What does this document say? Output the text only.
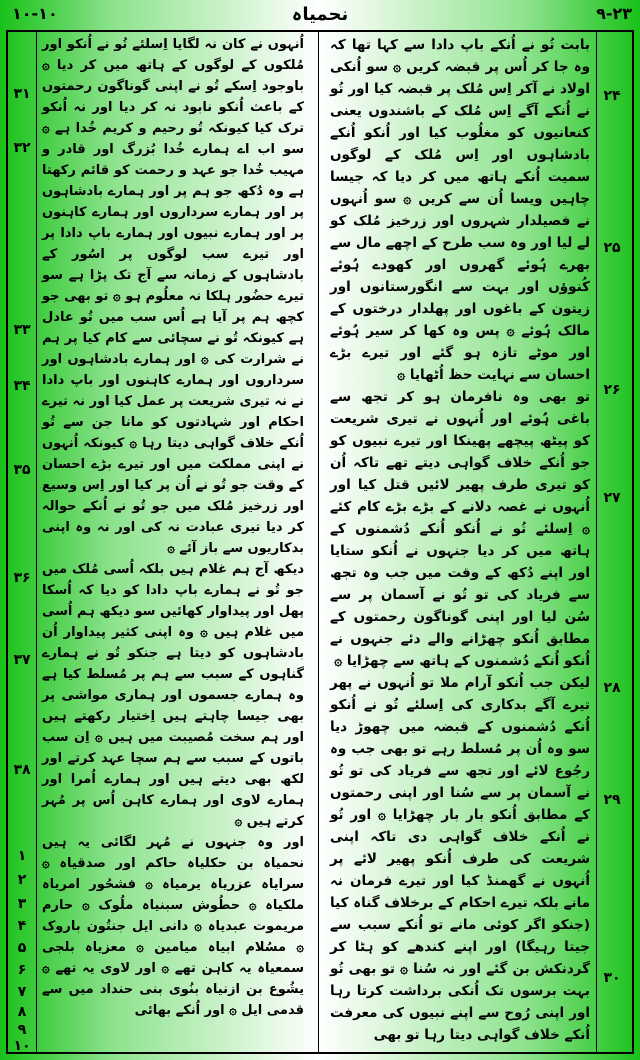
۹-۲۳
نحمیاہ
۱۰-۱۰

بابت تُو نے اُنکے باپ دادا سے کہا تھا کہ وہ جا کر اُس پر قبضہ کریں ۞ سو اُنکی اولاد نے آکر اِس مُلک پر قبضہ کیا اور تُو نے اُنکے آگے اِس مُلک کے باشندوں یعنی کنعانیوں کو مغلُوب کیا اور اُنکو اُنکے بادشاہوں اور اِس مُلک کے لوگوں سمیت اُنکے ہاتھ میں کر دیا کہ جیسا چاہیں ویسا اُن سے کریں ۞ سو اُنہوں نے فصیلدار شہروں اور زرخیز مُلک کو لے لیا اور وہ سب طرح کے اچھے مال سے بھرے ہُوئے گھروں اور کھودے ہُوئے کُنوؤں اور بہت سے انگورستانوں اور زیتون کے باغوں اور پھلدار درختوں کے مالک ہُوئے ۞ پس وہ کھا کر سیر ہُوئے اور موٹے تازہ ہو گئے اور تیرے بڑے احسان سے نہایت حظ اُٹھایا ۞

تو بھی وہ نافرمان ہو کر تجھ سے باغی ہُوئے اور اُنہوں نے تیری شریعت کو پیٹھ پیچھے پھینکا اور تیرے نبیوں کو جو اُنکے خلاف گواہی دیتے تھے تاکہ اُن کو تیری طرف پھیر لائیں قتل کیا اور اُنہوں نے غصہ دلانے کے بڑے بڑے کام کئے ۞ اِسلئے تُو نے اُنکو اُنکے دُشمنوں کے ہاتھ میں کر دیا جنہوں نے اُنکو ستایا اور اپنے دُکھ کے وقت میں جب وہ تجھ سے فریاد کی تو تُو نے آسمان پر سے سُن لیا اور اپنی گوناگون رحمتوں کے مطابق اُنکو چھڑانے والے دئے جنہوں نے اُنکو اُنکے دُشمنوں کے ہاتھ سے چھڑایا ۞

لیکن جب اُنکو آرام ملا تو اُنہوں نے پھر تیرے آگے بدکاری کی اِسلئے تُو نے اُنکو اُنکے دُشمنوں کے قبضہ میں چھوڑ دیا سو وہ اُن پر مُسلط رہے تو بھی جب وہ رجُوع لائے اور تجھ سے فریاد کی تو تُو نے آسمان پر سے سُنا اور اپنی رحمتوں کے مطابق اُنکو بار بار چھڑایا ۞ اور تُو نے اُنکے خلاف گواہی دی تاکہ اپنی شریعت کی طرف اُنکو پھیر لائے پر اُنہوں نے گھمنڈ کیا اور تیرے فرمان نہ مانے بلکہ تیرے احکام کے برخلاف گناہ کیا (جنکو اگر کوئی مانے تو اُنکے سبب سے جیتا رہیگا) اور اپنے کندھے کو ہٹا کر گردنکش بن گئے اور نہ سُنا ۞ تو بھی تُو بہت برسوں تک اُنکی برداشت کرتا رہا اور اپنی رُوح سے اپنے نبیوں کی معرفت اُنکے خلاف گواہی دیتا رہا تو بھی

۲۴
۲۵
۲۶
۲۷
۲۸
۲۹
۳۰

اُنہوں نے کان نہ لگایا اِسلئے تُو نے اُنکو اور مُلکوں کے لوگوں کے ہاتھ میں کر دیا ۞ باوجود اِسکے تُو نے اپنی گوناگون رحمتوں کے باعث اُنکو نابود نہ کر دیا اور نہ اُنکو ترک کیا کیونکہ تُو رحیم و کریم خُدا ہے ۞ سو اب اے ہمارے خُدا بُزرگ اور قادر و مہیب خُدا جو عہد و رحمت کو قائم رکھتا ہے وہ دُکھ جو ہم پر اور ہمارے بادشاہوں پر اور ہمارے سرداروں اور ہمارے کاہنوں پر اور ہمارے نبیوں اور ہمارے باپ دادا پر اور تیرے سب لوگوں پر اسُور کے بادشاہوں کے زمانہ سے آج تک پڑا ہے سو تیرے حضُور ہلکا نہ معلُوم ہو ۞ تو بھی جو کچھ ہم پر آیا ہے اُس سب میں تُو عادل ہے کیونکہ تُو نے سچائی سے کام کیا پر ہم نے شرارت کی ۞ اور ہمارے بادشاہوں اور سرداروں اور ہمارے کاہنوں اور باپ دادا نے نہ تیری شریعت پر عمل کیا اور نہ تیرے احکام اور شہادتوں کو مانا جن سے تُو اُنکے خلاف گواہی دیتا رہا ۞ کیونکہ اُنہوں نے اپنی مملکت میں اور تیرے بڑے احسان کے وقت جو تُو نے اُن پر کیا اور اِس وسیع اور زرخیز مُلک میں جو تُو نے اُنکے حوالہ کر دیا تیری عبادت نہ کی اور نہ وہ اپنی بدکاریوں سے باز آئے ۞

دیکھ آج ہم غلام ہیں بلکہ اُسی مُلک میں جو تُو نے ہمارے باپ دادا کو دیا کہ اُسکا پھل اور پیداوار کھائیں سو دیکھ ہم اُسی میں غلام ہیں ۞ وہ اپنی کثیر پیداوار اُن بادشاہوں کو دیتا ہے جنکو تُو نے ہمارے گناہوں کے سبب سے ہم پر مُسلط کیا ہے وہ ہمارے جسموں اور ہماری مواشی پر بھی جیسا چاہتے ہیں اِختیار رکھتے ہیں اور ہم سخت مُصیبت میں ہیں ۞ اِن سب باتوں کے سبب سے ہم سچا عہد کرتے اور لکھ بھی دیتے ہیں اور ہمارے اُمرا اور ہمارے لاوی اور ہمارے کاہن اُس پر مُہر کرتے ہیں ۞

اور وہ جنہوں نے مُہر لگائی یہ ہیں نحمیاہ بن حکلیاہ حاکم اور صدقیاہ ۞ سرایاہ عزریاہ یرمیاہ ۞ فشحُور امریاہ ملکیاہ ۞ حطُوش سبنیاہ ملُوک ۞ حارم مریموت عبدیاہ ۞ دانی ایل جنتُون باروک ۞ مسُلام ابیاہ میامین ۞ معزیاہ بلجی سمعیاہ یہ کاہن تھے ۞ اور لاوی یہ تھے ۞ یشُوع بن ازنیاہ بنُوی بنی حنداد میں سے قدمی ایل ۞ اور اُنکے بھائی

۳۱
۳۲
۳۳
۳۴
۳۵
۳۶
۳۷
۳۸
۱
۲
۳
۴
۵
۶
۷
۸
۹
۱۰
